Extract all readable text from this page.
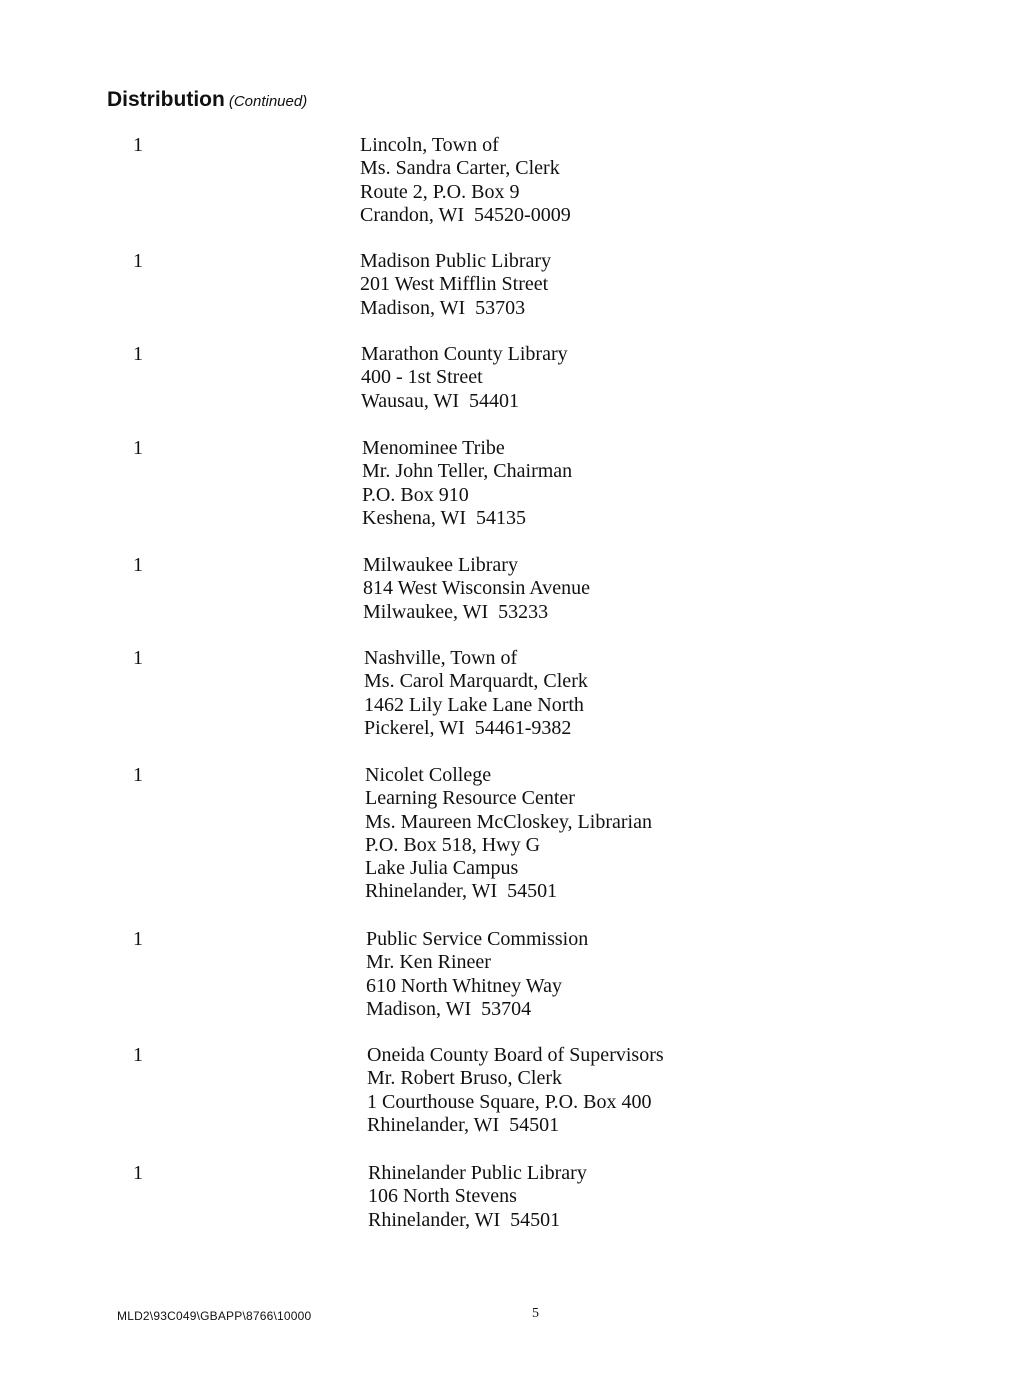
Distribution (Continued)
1	Lincoln, Town of
Ms. Sandra Carter, Clerk
Route 2, P.O. Box 9
Crandon, WI  54520-0009
1	Madison Public Library
201 West Mifflin Street
Madison, WI  53703
1	Marathon County Library
400 - 1st Street
Wausau, WI  54401
1	Menominee Tribe
Mr. John Teller, Chairman
P.O. Box 910
Keshena, WI  54135
1	Milwaukee Library
814 West Wisconsin Avenue
Milwaukee, WI  53233
1	Nashville, Town of
Ms. Carol Marquardt, Clerk
1462 Lily Lake Lane North
Pickerel, WI  54461-9382
1	Nicolet College
Learning Resource Center
Ms. Maureen McCloskey, Librarian
P.O. Box 518, Hwy G
Lake Julia Campus
Rhinelander, WI  54501
1	Public Service Commission
Mr. Ken Rineer
610 North Whitney Way
Madison, WI  53704
1	Oneida County Board of Supervisors
Mr. Robert Bruso, Clerk
1 Courthouse Square, P.O. Box 400
Rhinelander, WI  54501
1	Rhinelander Public Library
106 North Stevens
Rhinelander, WI  54501
MLD2\93C049\GBAPP\8766\10000	5
